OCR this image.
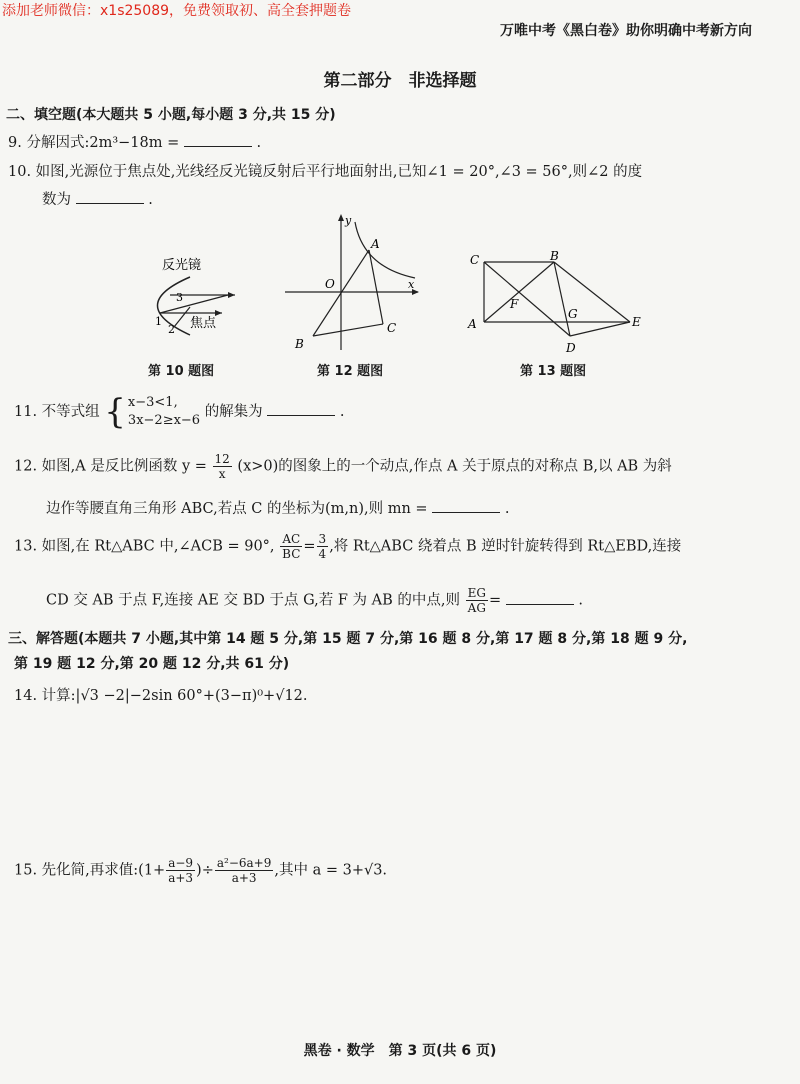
添加老师微信：x1s25089，免费领取初、高全套押题卷
万唯中考《黑白卷》助你明确中考新方向
第二部分　非选择题
二、填空题(本大题共 5 小题,每小题 3 分,共 15 分)
9. 分解因式:2m³−18m =	.
10. 如图,光源位于焦点处,光线经反光镜反射后平行地面射出,已知∠1 = 20°,∠3 = 56°,则∠2 的度
数为	.
反光镜
3
1
2 焦点
第 10 题图
y
x
O
A
B
C
第 12 题图
C	B
A
F
G
E
D
第 13 题图
11. 不等式组 { x−3<1,
3x−2≥x−6
的解集为	.
12. 如图,A 是反比例函数 $y = \frac{12}{x} (x>0)$的图象上的一个动点,作点 A 关于原点的对称点 B,以 AB 为斜
边作等腰直角三角形 ABC,若点 C 的坐标为(m,n),则 mn =	.
13. 如图,在 Rt△ABC 中,∠ACB = 90°, $\frac{AC}{BC} = \frac{3}{4}$ ,将 Rt△ABC 绕着点 B 逆时针旋转得到 Rt△EBD,连接
CD 交 AB 于点 F,连接 AE 交 BD 于点 G,若 F 为 AB 的中点,则 $\frac{EG}{AG}$ =	.
三、解答题(本题共 7 小题,其中第 14 题 5 分,第 15 题 7 分,第 16 题 8 分,第 17 题 8 分,第 18 题 9 分,
第 19 题 12 分,第 20 题 12 分,共 61 分)
14. 计算:|√3 −2|−2sin 60°+(3−π)⁰+√12.
15. 先化简,再求值:(1+ $\frac{a-9}{a+3}$ )÷ $\frac{\text{a²−6a+9}}{a+3}$ ,其中 a = 3+√3.
黑卷 · 数学　第 3 页(共 6 页)
